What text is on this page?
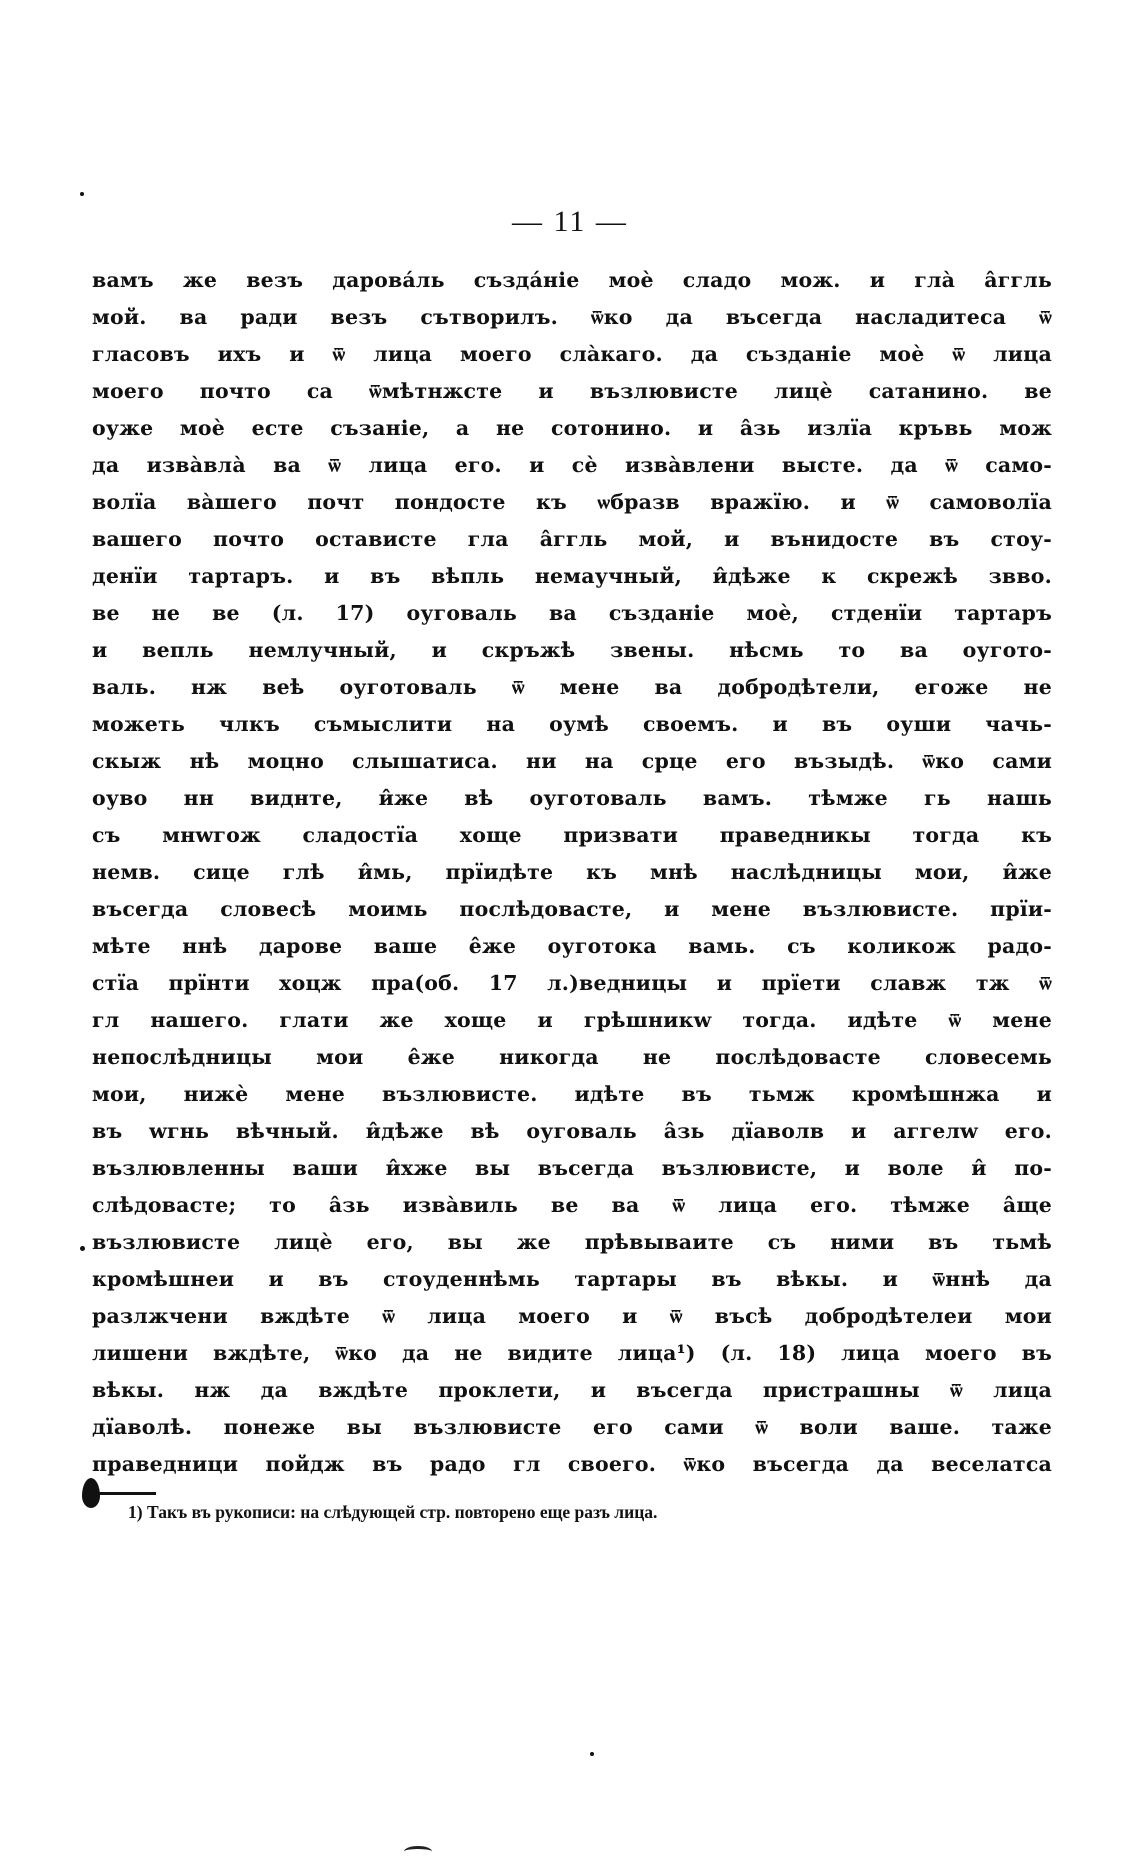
— 11 —
вамъ же везъ дарова́ль създа́ніе моѐ сладо мож. и гла̀ а̂ггль
мой. ва ради везъ сътворилъ. ѿко да въсегда насладитеса ѿ
гласовъ ихъ и ѿ лица моего сла̀каго. да създанiе моѐ ѿ лица
моего почто са ѿмѣтнжсте и възлювисте лицѐ сатанино. ве
оуже моѐ есте съзанiе, а не сотонино. и а̂зь излїа кръвь мож
да изва̀вла̀ ва ѿ лица его. и сѐ изва̀влени высте. да ѿ само-
волїа ва̀шего почт пондосте къ ѡбразв вражїю. и ѿ самоволїа
вашего почто остависте гла а̂ггль мой, и вънидосте въ стоу-
денїи тартаръ. и въ вѣпль немаучный, и̂дѣже к скрежѣ звво.
ве не ве (л. 17) оуговаль ва създанiе моѐ, стденїи тартаръ
и вепль немлучный, и скръжѣ звены. нѣсмь то ва оугото-
валь. нж веѣ оуготоваль ѿ мене ва добродѣтели, егоже не
можеть члкъ съмыслити на оумѣ своемъ. и въ оуши чачь-
скыж нѣ моцно слышатиса. ни на срце его възыдѣ. ѿко сами
оуво нн виднте, и̂же вѣ оуготоваль вамъ. тѣмже гь нашь
съ мнwгож сладостїа хоще призвати праведникы тогда къ
немв. сице глѣ и̂мь, прїидѣте къ мнѣ наслѣдницы мои, и̂же
въсегда словесѣ моимь послѣдовасте, и мене възлювисте. прїи-
мѣте ннѣ дарове ваше е̂же оуготока вамь. съ коликож радо-
стїа прїнти хоцж пра(об. 17 л.)ведницы и прїети славж тж ѿ
гл нашего. глати же хоще и грѣшникw тогда. идѣте ѿ мене
непослѣдницы мои е̂же никогда не послѣдовасте словесемь
мои, нижѐ мене възлювисте. идѣте въ тьмж кромѣшнжа и
въ wгнь вѣчный. и̂дѣже вѣ оуговаль а̂зь дїаволв и аггелw его.
възлювленны ваши и̂хже вы въсегда възлювисте, и воле и̂ по-
слѣдовасте; то а̂зь изва̀виль ве ва ѿ лица его. тѣмже а̂ще
възлювисте лицѐ его, вы же прѣвываите съ ними въ тьмѣ
кромѣшнеи и въ стоуденнѣмь тартары въ вѣкы. и ѿннѣ да
разлжчени вждѣте ѿ лица моего и ѿ въсѣ добродѣтелеи мои
лишени вждѣте, ѿко да не видите лица¹) (л. 18) лица моего въ
вѣкы. нж да вждѣте проклети, и въсегда пристрашны ѿ лица
дїаволѣ. понеже вы възлювисте его сами ѿ воли ваше. таже
праведници пойдж въ радо гл своего. ѿко въсегда да веселатса
1) Такъ въ рукописи: на слѣдующей стр. повторено еще разъ лица.
